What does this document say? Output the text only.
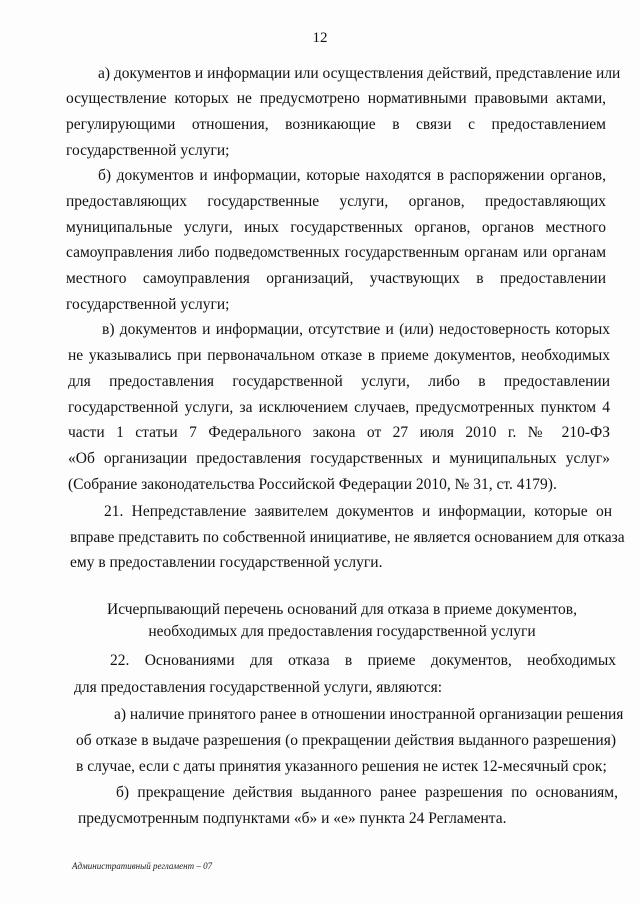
12
а) документов и информации или осуществления действий, представление или
осуществление которых не предусмотрено нормативными правовыми актами,
регулирующими отношения, возникающие в связи с предоставлением
государственной услуги;
б) документов и информации, которые находятся в распоряжении органов,
предоставляющих государственные услуги, органов, предоставляющих
муниципальные услуги, иных государственных органов, органов местного
самоуправления либо подведомственных государственным органам или органам
местного самоуправления организаций, участвующих в предоставлении
государственной услуги;
в) документов и информации, отсутствие и (или) недостоверность которых
не указывались при первоначальном отказе в приеме документов, необходимых
для предоставления государственной услуги, либо в предоставлении
государственной услуги, за исключением случаев, предусмотренных пунктом 4
части 1 статьи 7 Федерального закона от 27 июля 2010 г. № 210-ФЗ
«Об организации предоставления государственных и муниципальных услуг»
(Собрание законодательства Российской Федерации 2010, № 31, ст. 4179).
21. Непредставление заявителем документов и информации, которые он
вправе представить по собственной инициативе, не является основанием для отказа
ему в предоставлении государственной услуги.
Исчерпывающий перечень оснований для отказа в приеме документов,
необходимых для предоставления государственной услуги
22. Основаниями для отказа в приеме документов, необходимых
для предоставления государственной услуги, являются:
а) наличие принятого ранее в отношении иностранной организации решения
об отказе в выдаче разрешения (о прекращении действия выданного разрешения)
в случае, если с даты принятия указанного решения не истек 12-месячный срок;
б) прекращение действия выданного ранее разрешения по основаниям,
предусмотренным подпунктами «б» и «е» пункта 24 Регламента.
Административный регламент – 07
